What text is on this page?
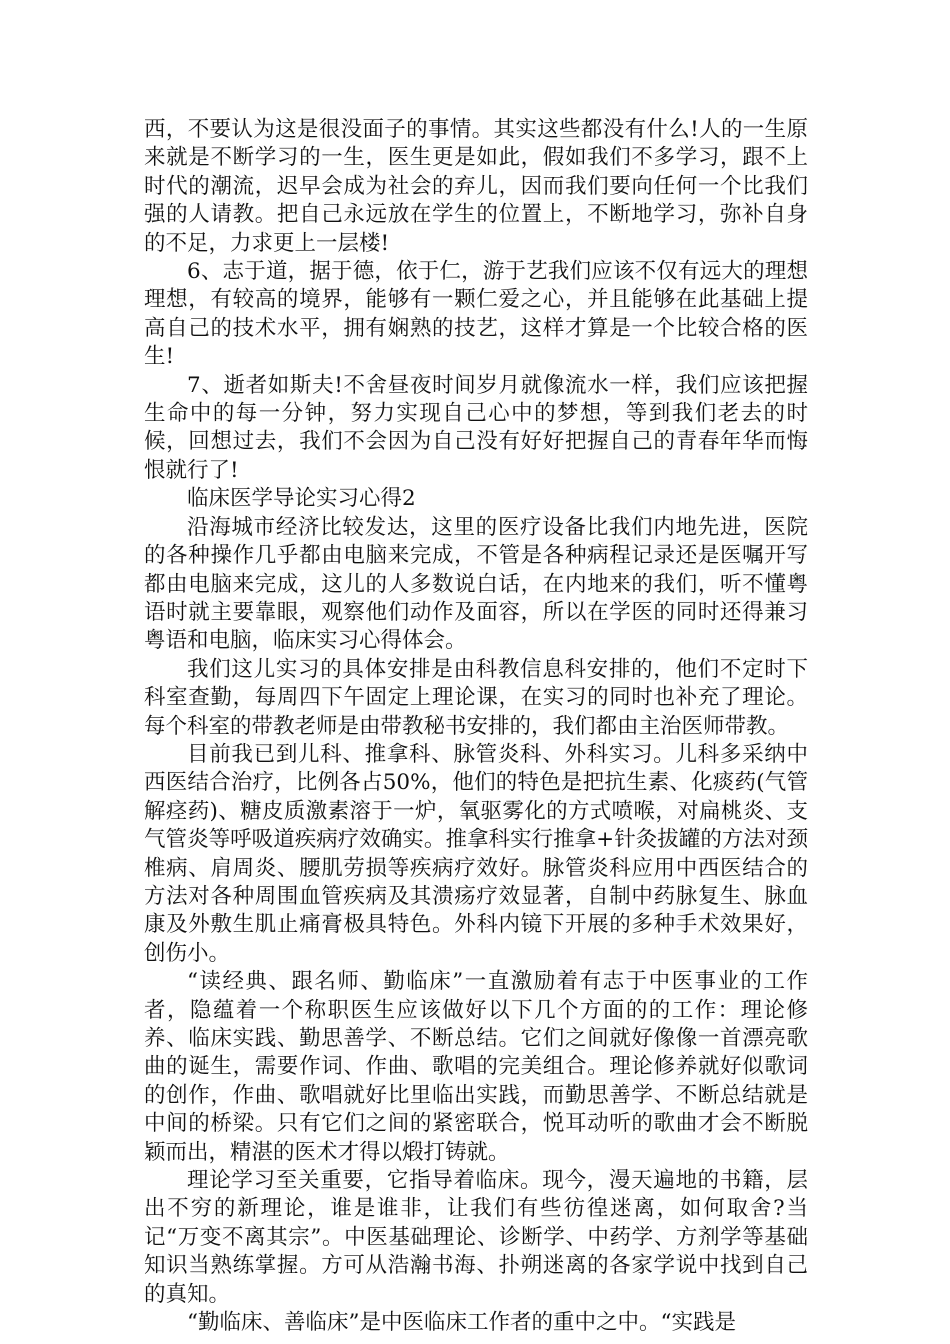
西，不要认为这是很没面子的事情。其实这些都没有什么!人的一生原来就是不断学习的一生，医生更是如此，假如我们不多学习，跟不上时代的潮流，迟早会成为社会的弃儿，因而我们要向任何一个比我们强的人请教。把自己永远放在学生的位置上，不断地学习，弥补自身的不足，力求更上一层楼!

6、志于道，据于德，依于仁，游于艺我们应该不仅有远大的理想理想，有较高的境界，能够有一颗仁爱之心，并且能够在此基础上提高自己的技术水平，拥有娴熟的技艺，这样才算是一个比较合格的医生!

7、逝者如斯夫!不舍昼夜时间岁月就像流水一样，我们应该把握生命中的每一分钟，努力实现自己心中的梦想，等到我们老去的时候，回想过去，我们不会因为自己没有好好把握自己的青春年华而悔恨就行了!

临床医学导论实习心得2

沿海城市经济比较发达，这里的医疗设备比我们内地先进，医院的各种操作几乎都由电脑来完成，不管是各种病程记录还是医嘱开写都由电脑来完成，这儿的人多数说白话，在内地来的我们，听不懂粤语时就主要靠眼，观察他们动作及面容，所以在学医的同时还得兼习粤语和电脑，临床实习心得体会。

我们这儿实习的具体安排是由科教信息科安排的，他们不定时下科室查勤，每周四下午固定上理论课，在实习的同时也补充了理论。每个科室的带教老师是由带教秘书安排的，我们都由主治医师带教。

目前我已到儿科、推拿科、脉管炎科、外科实习。儿科多采纳中西医结合治疗，比例各占50%，他们的特色是把抗生素、化痰药(气管解痉药)、糖皮质激素溶于一炉，氧驱雾化的方式喷喉，对扁桃炎、支气管炎等呼吸道疾病疗效确实。推拿科实行推拿+针灸拔罐的方法对颈椎病、肩周炎、腰肌劳损等疾病疗效好。脉管炎科应用中西医结合的方法对各种周围血管疾病及其溃疡疗效显著，自制中药脉复生、脉血康及外敷生肌止痛膏极具特色。外科内镜下开展的多种手术效果好，创伤小。

“读经典、跟名师、勤临床”一直激励着有志于中医事业的工作者，隐蕴着一个称职医生应该做好以下几个方面的的工作：理论修养、临床实践、勤思善学、不断总结。它们之间就好像像一首漂亮歌曲的诞生，需要作词、作曲、歌唱的完美组合。理论修养就好似歌词的创作，作曲、歌唱就好比里临出实践，而勤思善学、不断总结就是中间的桥梁。只有它们之间的紧密联合，悦耳动听的歌曲才会不断脱颖而出，精湛的医术才得以煅打铸就。

理论学习至关重要，它指导着临床。现今，漫天遍地的书籍，层出不穷的新理论，谁是谁非，让我们有些彷徨迷离，如何取舍?当记“万变不离其宗”。中医基础理论、诊断学、中药学、方剂学等基础知识当熟练掌握。方可从浩瀚书海、扑朔迷离的各家学说中找到自己的真知。

“勤临床、善临床”是中医临床工作者的重中之中。“实践是
